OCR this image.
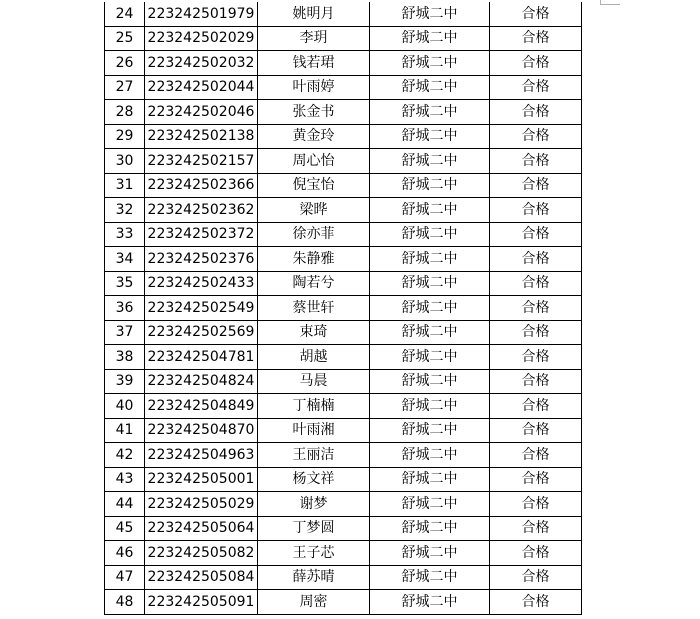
24	223242501979	姚明月	舒城二中	合格
25	223242502029	李玥	舒城二中	合格
26	223242502032	钱若珺	舒城二中	合格
27	223242502044	叶雨婷	舒城二中	合格
28	223242502046	张金书	舒城二中	合格
29	223242502138	黄金玲	舒城二中	合格
30	223242502157	周心怡	舒城二中	合格
31	223242502366	倪宝怡	舒城二中	合格
32	223242502362	梁晔	舒城二中	合格
33	223242502372	徐亦菲	舒城二中	合格
34	223242502376	朱静雅	舒城二中	合格
35	223242502433	陶若兮	舒城二中	合格
36	223242502549	蔡世轩	舒城二中	合格
37	223242502569	束琦	舒城二中	合格
38	223242504781	胡越	舒城二中	合格
39	223242504824	马晨	舒城二中	合格
40	223242504849	丁楠楠	舒城二中	合格
41	223242504870	叶雨湘	舒城二中	合格
42	223242504963	王丽洁	舒城二中	合格
43	223242505001	杨文祥	舒城二中	合格
44	223242505029	谢梦	舒城二中	合格
45	223242505064	丁梦圆	舒城二中	合格
46	223242505082	王子芯	舒城二中	合格
47	223242505084	薛苏晴	舒城二中	合格
48	223242505091	周密	舒城二中	合格
